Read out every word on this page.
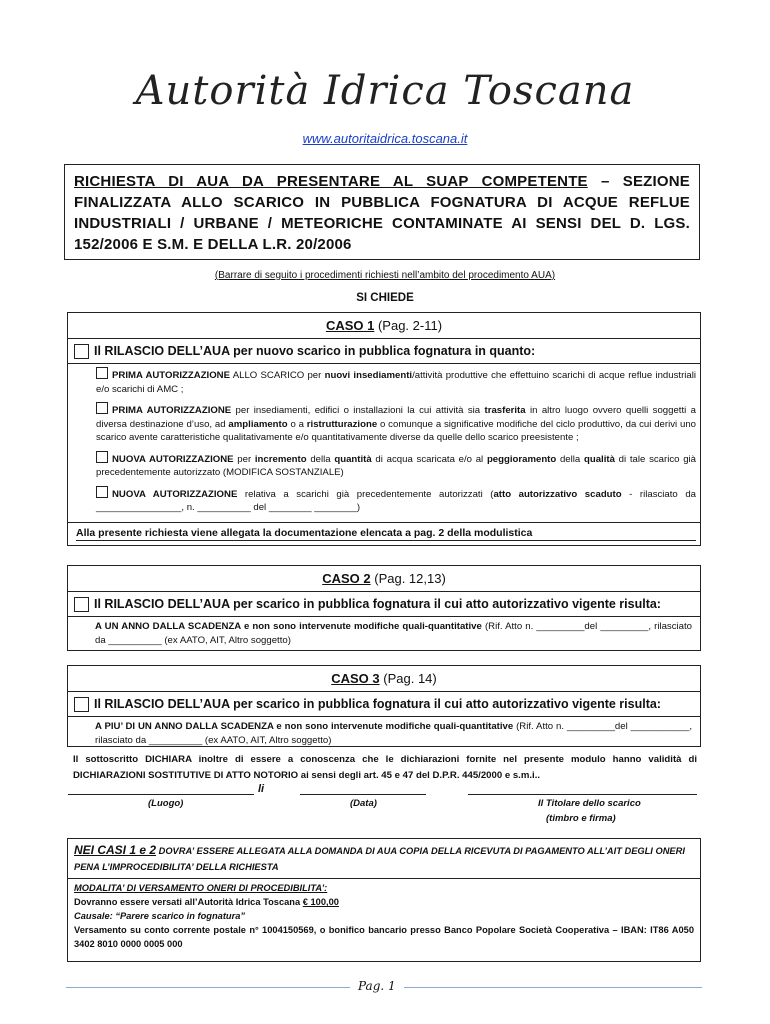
Autorità Idrica Toscana
www.autoritaidrica.toscana.it
RICHIESTA DI AUA DA PRESENTARE AL SUAP COMPETENTE – SEZIONE FINALIZZATA ALLO SCARICO IN PUBBLICA FOGNATURA DI ACQUE REFLUE INDUSTRIALI / URBANE / METEORICHE CONTAMINATE AI SENSI DEL D. LGS. 152/2006 E S.M. E DELLA L.R. 20/2006
(Barrare di seguito i procedimenti richiesti nell’ambito del procedimento AUA)
SI CHIEDE
CASO 1 (Pag. 2-11)
Il RILASCIO DELL’AUA per nuovo scarico in pubblica fognatura in quanto:
PRIMA AUTORIZZAZIONE ALLO SCARICO per nuovi insediamenti/attività produttive che effettuino scarichi di acque reflue industriali e/o scarichi di AMC ;
PRIMA AUTORIZZAZIONE per insediamenti, edifici o installazioni la cui attività sia trasferita in altro luogo ovvero quelli soggetti a diversa destinazione d’uso, ad ampliamento o a ristrutturazione o comunque a significative modifiche del ciclo produttivo, da cui derivi uno scarico avente caratteristiche qualitativamente e/o quantitativamente diverse da quelle dello scarico preesistente ;
NUOVA AUTORIZZAZIONE per incremento della quantità di acqua scaricata e/o al peggioramento della qualità di tale scarico già precedentemente autorizzato (MODIFICA SOSTANZIALE)
NUOVA AUTORIZZAZIONE relativa a scarichi già precedentemente autorizzati (atto autorizzativo scaduto - rilasciato da ________________, n. __________ del ________ ________)
Alla presente richiesta viene allegata la documentazione elencata a pag. 2 della modulistica
CASO 2 (Pag. 12,13)
Il RILASCIO DELL’AUA per scarico in pubblica fognatura il cui atto autorizzativo vigente risulta:
A UN ANNO DALLA SCADENZA e non sono intervenute modifiche quali-quantitative (Rif. Atto n. _________del _________, rilasciato da __________ (ex AATO, AIT, Altro soggetto)
CASO 3 (Pag. 14)
Il RILASCIO DELL’AUA per scarico in pubblica fognatura il cui atto autorizzativo vigente risulta:
A PIU’ DI UN ANNO DALLA SCADENZA e non sono intervenute modifiche quali-quantitative (Rif. Atto n. _________del ___________, rilasciato da __________ (ex AATO, AIT, Altro soggetto)
Il sottoscritto DICHIARA inoltre di essere a conoscenza che le dichiarazioni fornite nel presente modulo hanno validità di DICHIARAZIONI SOSTITUTIVE DI ATTO NOTORIO ai sensi degli art. 45 e 47 del D.P.R. 445/2000 e s.m.i..
li
(Luogo)	(Data)	Il Titolare dello scarico
(timbro e firma)
NEI CASI 1 e 2 DOVRA’ ESSERE ALLEGATA ALLA DOMANDA DI AUA COPIA DELLA RICEVUTA DI PAGAMENTO ALL’AIT DEGLI ONERI PENA L’IMPROCEDIBILITA’ DELLA RICHIESTA
MODALITA’ DI VERSAMENTO ONERI DI PROCEDIBILITA’:
Dovranno essere versati all’Autorità Idrica Toscana € 100,00
Causale: “Parere scarico in fognatura”
Versamento su conto corrente postale n° 1004150569, o bonifico bancario presso Banco Popolare Società Cooperativa – IBAN: IT86 A050 3402 8010 0000 0005 000
Pag. 1
